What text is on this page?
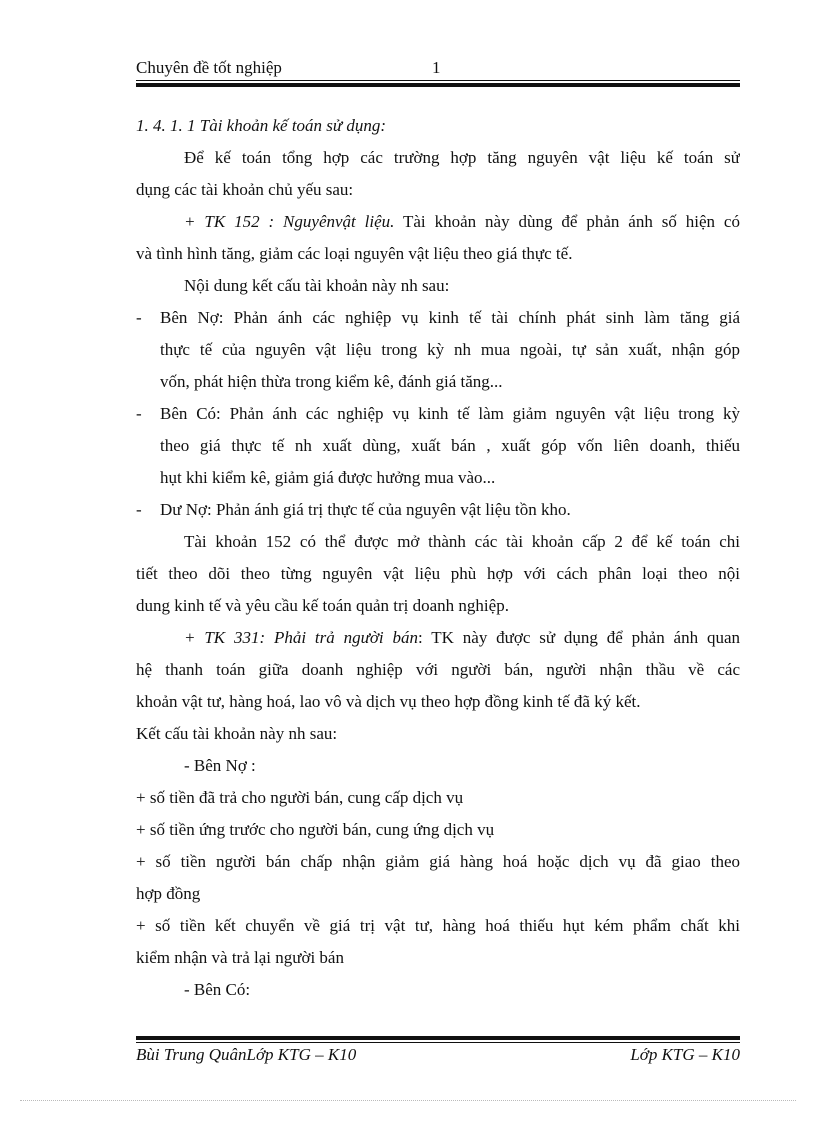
Chuyên đề tốt nghiệp	1
1. 4. 1. 1 Tài khoản kế toán sử dụng:
Để kế toán tổng hợp các trường hợp tăng nguyên vật liệu kế toán sử
dụng các tài khoản chủ yếu sau:
+ TK 152 : Nguyênvật liệu. Tài khoản này dùng để phản ánh số hiện có
và tình hình tăng, giảm các loại nguyên vật liệu theo giá thực tế.
Nội dung kết cấu tài khoản này nh sau:
- Bên Nợ: Phản ánh các nghiệp vụ kinh tế tài chính phát sinh làm tăng giá
thực tế của nguyên vật liệu trong kỳ nh mua ngoài, tự sản xuất, nhận góp
vốn, phát hiện thừa trong kiểm kê, đánh giá tăng...
- Bên Có: Phản ánh các nghiệp vụ kinh tế làm giảm nguyên vật liệu trong kỳ
theo giá thực tế nh xuất dùng, xuất bán , xuất góp vốn liên doanh, thiếu
hụt khi kiểm kê, giảm giá được hưởng mua vào...
- Dư Nợ: Phản ánh giá trị thực tế của nguyên vật liệu tồn kho.
Tài khoản 152 có thể được mở thành các tài khoản cấp 2 để kế toán chi
tiết theo dõi theo từng nguyên vật liệu phù hợp với cách phân loại theo nội
dung kinh tế và yêu cầu kế toán quản trị doanh nghiệp.
+ TK 331: Phải trả người bán: TK này được sử dụng để phản ánh quan
hệ thanh toán giữa doanh nghiệp với người bán, người nhận thầu về các
khoản vật tư, hàng hoá, lao vô và dịch vụ theo hợp đồng kinh tế đã ký kết.
Kết cấu tài khoản này nh sau:
- Bên Nợ :
+ số tiền đã trả cho người bán, cung cấp dịch vụ
+ số tiền ứng trước cho người bán, cung ứng dịch vụ
+ số tiền người bán chấp nhận giảm giá hàng hoá hoặc dịch vụ đã giao theo
hợp đồng
+ số tiền kết chuyển về giá trị vật tư, hàng hoá thiếu hụt kém phẩm chất khi
kiểm nhận và trả lại người bán
- Bên Có:
Bùi Trung QuânLớp KTG – K10	Lớp KTG – K10
